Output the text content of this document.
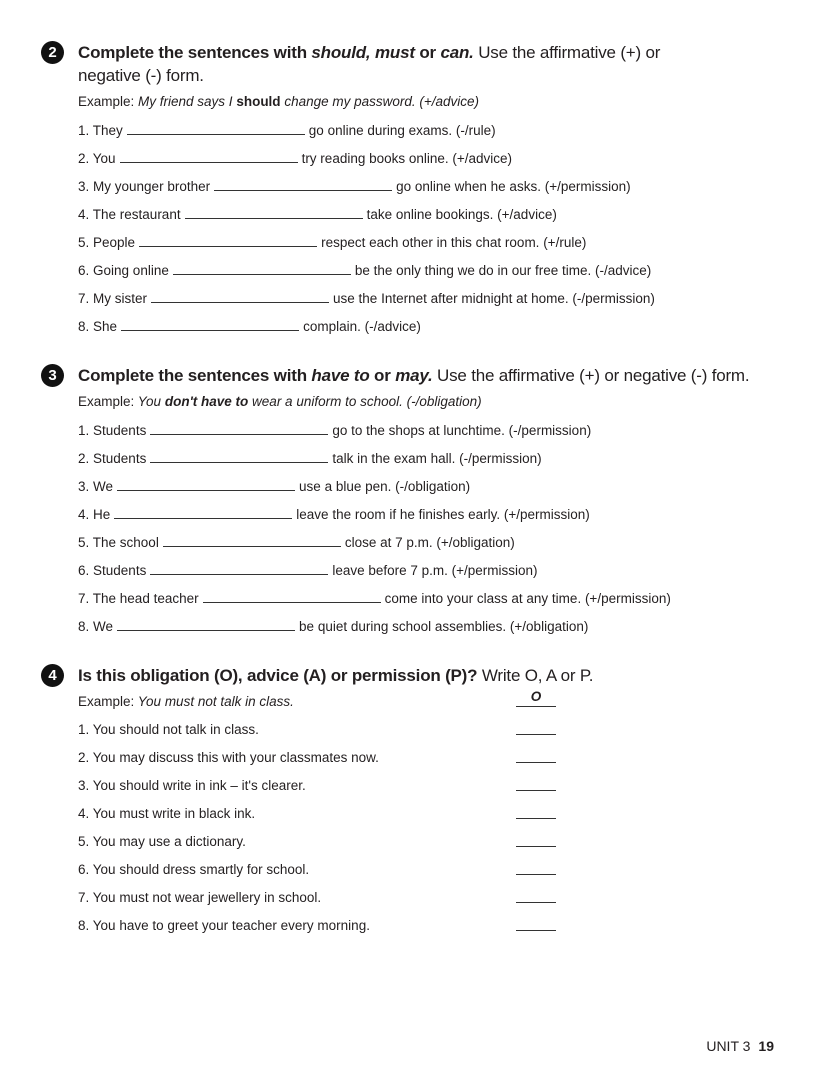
2	Complete the sentences with should, must or can. Use the affirmative (+) or
negative (-) form.
Example: My friend says I should change my password. (+/advice)
1. They	go online during exams. (-/rule)
2. You	try reading books online. (+/advice)
3. My younger brother	go online when he asks. (+/permission)
4. The restaurant	take online bookings. (+/advice)
5. People	respect each other in this chat room. (+/rule)
6. Going online	be the only thing we do in our free time. (-/advice)
7. My sister	use the Internet after midnight at home. (-/permission)
8. She	complain. (-/advice)
3	Complete the sentences with have to or may. Use the affirmative (+) or negative (-) form.
Example: You don't have to wear a uniform to school. (-/obligation)
1. Students	go to the shops at lunchtime. (-/permission)
2. Students	talk in the exam hall. (-/permission)
3. We	use a blue pen. (-/obligation)
4. He	leave the room if he finishes early. (+/permission)
5. The school	close at 7 p.m. (+/obligation)
6. Students	leave before 7 p.m. (+/permission)
7. The head teacher	come into your class at any time. (+/permission)
8. We	be quiet during school assemblies. (+/obligation)
4	Is this obligation (O), advice (A) or permission (P)? Write O, A or P.
Example: You must not talk in class.	O
1. You should not talk in class.
2. You may discuss this with your classmates now.
3. You should write in ink – it's clearer.
4. You must write in black ink.
5. You may use a dictionary.
6. You should dress smartly for school.
7. You must not wear jewellery in school.
8. You have to greet your teacher every morning.
UNIT 3 19
